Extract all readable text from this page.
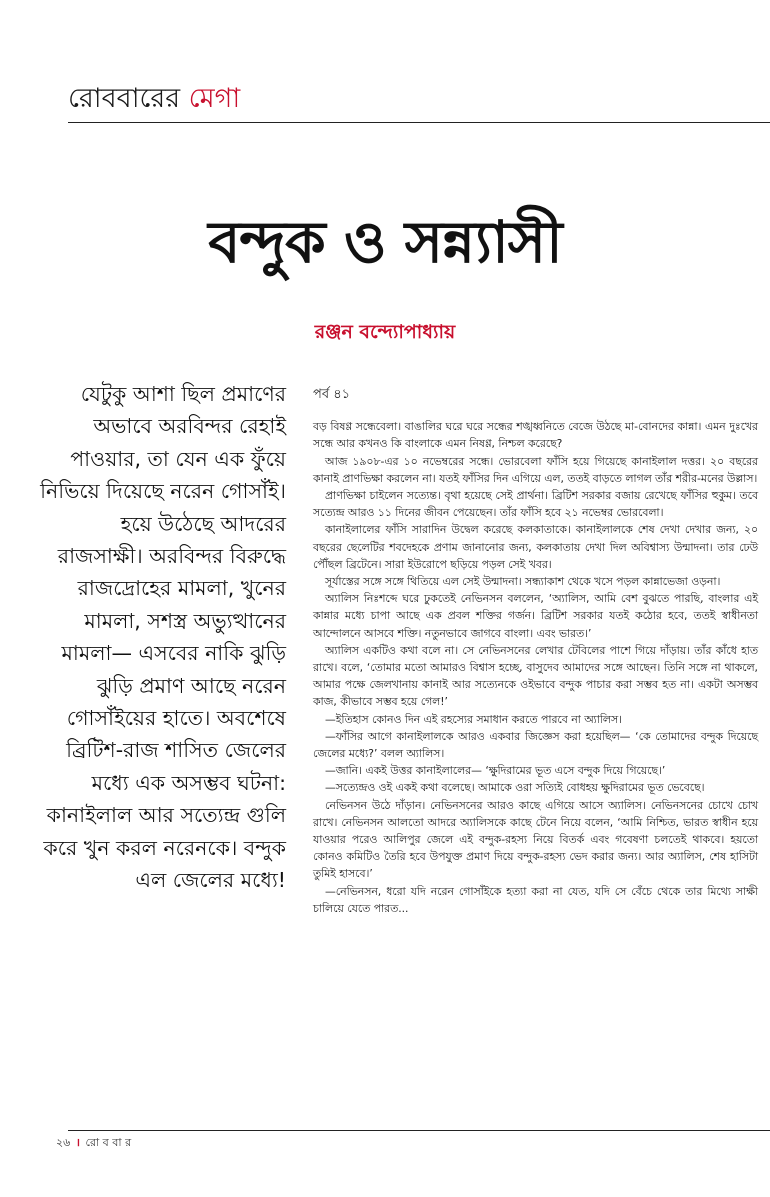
রোববারের মেগা
বন্দুক ও সন্ন্যাসী
রঞ্জন বন্দ্যোপাধ্যায়
যেটুকু আশা ছিল প্রমাণের অভাবে অরবিন্দর রেহাই পাওয়ার, তা যেন এক ফুঁয়ে নিভিয়ে দিয়েছে নরেন গোসাঁই। হয়ে উঠেছে আদরের রাজসাক্ষী। অরবিন্দর বিরুদ্ধে রাজদ্রোহের মামলা, খুনের মামলা, সশস্ত্র অভ্যুত্থানের মামলা— এসবের নাকি ঝুড়ি ঝুড়ি প্রমাণ আছে নরেন গোসাঁইয়ের হাতে। অবশেষে ব্রিটিশ-রাজ শাসিত জেলের মধ্যে এক অসম্ভব ঘটনা: কানাইলাল আর সত্যেন্দ্র গুলি করে খুন করল নরেনকে। বন্দুক এল জেলের মধ্যে!
পর্ব ৪১

বড় বিষণ্ণ সন্ধেবেলা। বাঙালির ঘরে ঘরে সন্ধের শঙ্খধ্বনিতে বেজে উঠছে মা-বোনদের কান্না। এমন দুঃখের সন্ধে আর কখনও কি বাংলাকে এমন নিষণ্ণ, নিশ্চল করেছে?

আজ ১৯০৮-এর ১০ নভেম্বরের সন্ধে। ভোরবেলা ফাঁসি হয়ে গিয়েছে কানাইলাল দত্তর। ২০ বছরের কানাই প্রাণভিক্ষা করলেন না। যতই ফাঁসির দিন এগিয়ে এল, ততই বাড়তে লাগল তাঁর শরীর-মনের উল্লাস।

প্রাণভিক্ষা চাইলেন সত্যেন্ত। বৃথা হয়েছে সেই প্রার্থনা। ব্রিটিশ সরকার বজায় রেখেছে ফাঁসির হুকুম। তবে সত্যেন্দ্র আরও ১১ দিনের জীবন পেয়েছেন। তাঁর ফাঁসি হবে ২১ নভেম্বর ভোরবেলা।

কানাইলালের ফাঁসি সারাদিন উদ্বেল করেছে কলকাতাকে। কানাইলালকে শেষ দেখা দেখার জন্য, ২০ বছরের ছেলেটির শবদেহকে প্রণাম জানানোর জন্য, কলকাতায় দেখা দিল অবিশ্বাস্য উন্মাদনা। তার ঢেউ পৌঁছল ব্রিটেনে। সারা ইউরোপে ছড়িয়ে পড়ল সেই খবর।

সূর্যাস্তের সঙ্গে সঙ্গে থিতিয়ে এল সেই উন্মাদনা। সন্ধ্যাকাশ থেকে খসে পড়ল কান্নাভেজা ওড়না।

অ্যালিস নিঃশব্দে ঘরে ঢুকতেই নেভিনসন বললেন, ‘অ্যালিস, আমি বেশ বুঝতে পারছি, বাংলার এই কান্নার মধ্যে চাপা আছে এক প্রবল শক্তির গর্জন। ব্রিটিশ সরকার যতই কঠোর হবে, ততই স্বাধীনতা আন্দোলনে আসবে শক্তি। নতুনভাবে জাগবে বাংলা। এবং ভারত।’

অ্যালিস একটিও কথা বলে না। সে নেভিনসনের লেখার টেবিলের পাশে গিয়ে দাঁড়ায়। তাঁর কাঁধে হাত রাখে। বলে, ‘তোমার মতো আমারও বিশ্বাস হচ্ছে, বাসুদেব আমাদের সঙ্গে আছেন। তিনি সঙ্গে না থাকলে, আমার পক্ষে জেলখানায় কানাই আর সত্যেনকে ওইভাবে বন্দুক পাচার করা সম্ভব হত না। একটা অসম্ভব কাজ, কীভাবে সম্ভব হয়ে গেল!’

—ইতিহাস কোনও দিন এই রহস্যের সমাধান করতে পারবে না অ্যালিস।

—ফাঁসির আগে কানাইলালকে আরও একবার জিজ্ঞেস করা হয়েছিল— ‘কে তোমাদের বন্দুক দিয়েছে জেলের মধ্যে?’ বলল অ্যালিস।

—জানি। একই উত্তর কানাইলালের— ‘ক্ষুদিরামের ভূত এসে বন্দুক দিয়ে গিয়েছে।’

—সত্যেন্দ্রও ওই একই কথা বলেছে। আমাকে ওরা সত্যিই বোধহয় ক্ষুদিরামের ভূত ভেবেছে।

নেভিনসন উঠে দাঁড়ান। নেভিনসনের আরও কাছে এগিয়ে আসে অ্যালিস। নেভিনসনের চোখে চোখ রাখে। নেভিনসন আলতো আদরে অ্যালিসকে কাছে টেনে নিয়ে বলেন, ‘আমি নিশ্চিত, ভারত স্বাধীন হয়ে যাওয়ার পরেও আলিপুর জেলে এই বন্দুক-রহস্য নিয়ে বিতর্ক এবং গবেষণা চলতেই থাকবে। হয়তো কোনও কমিটিও তৈরি হবে উপযুক্ত প্রমাণ দিয়ে বন্দুক-রহস্য ভেদ করার জন্য। আর অ্যালিস, শেষ হাসিটা তুমিই হাসবে।’

—নেভিনসন, ধরো যদি নরেন গোসাঁইকে হত্যা করা না যেত, যদি সে বেঁচে থেকে তার মিথ্যে সাক্ষী চালিয়ে যেতে পারত...

২৬ । রো ব বা র
